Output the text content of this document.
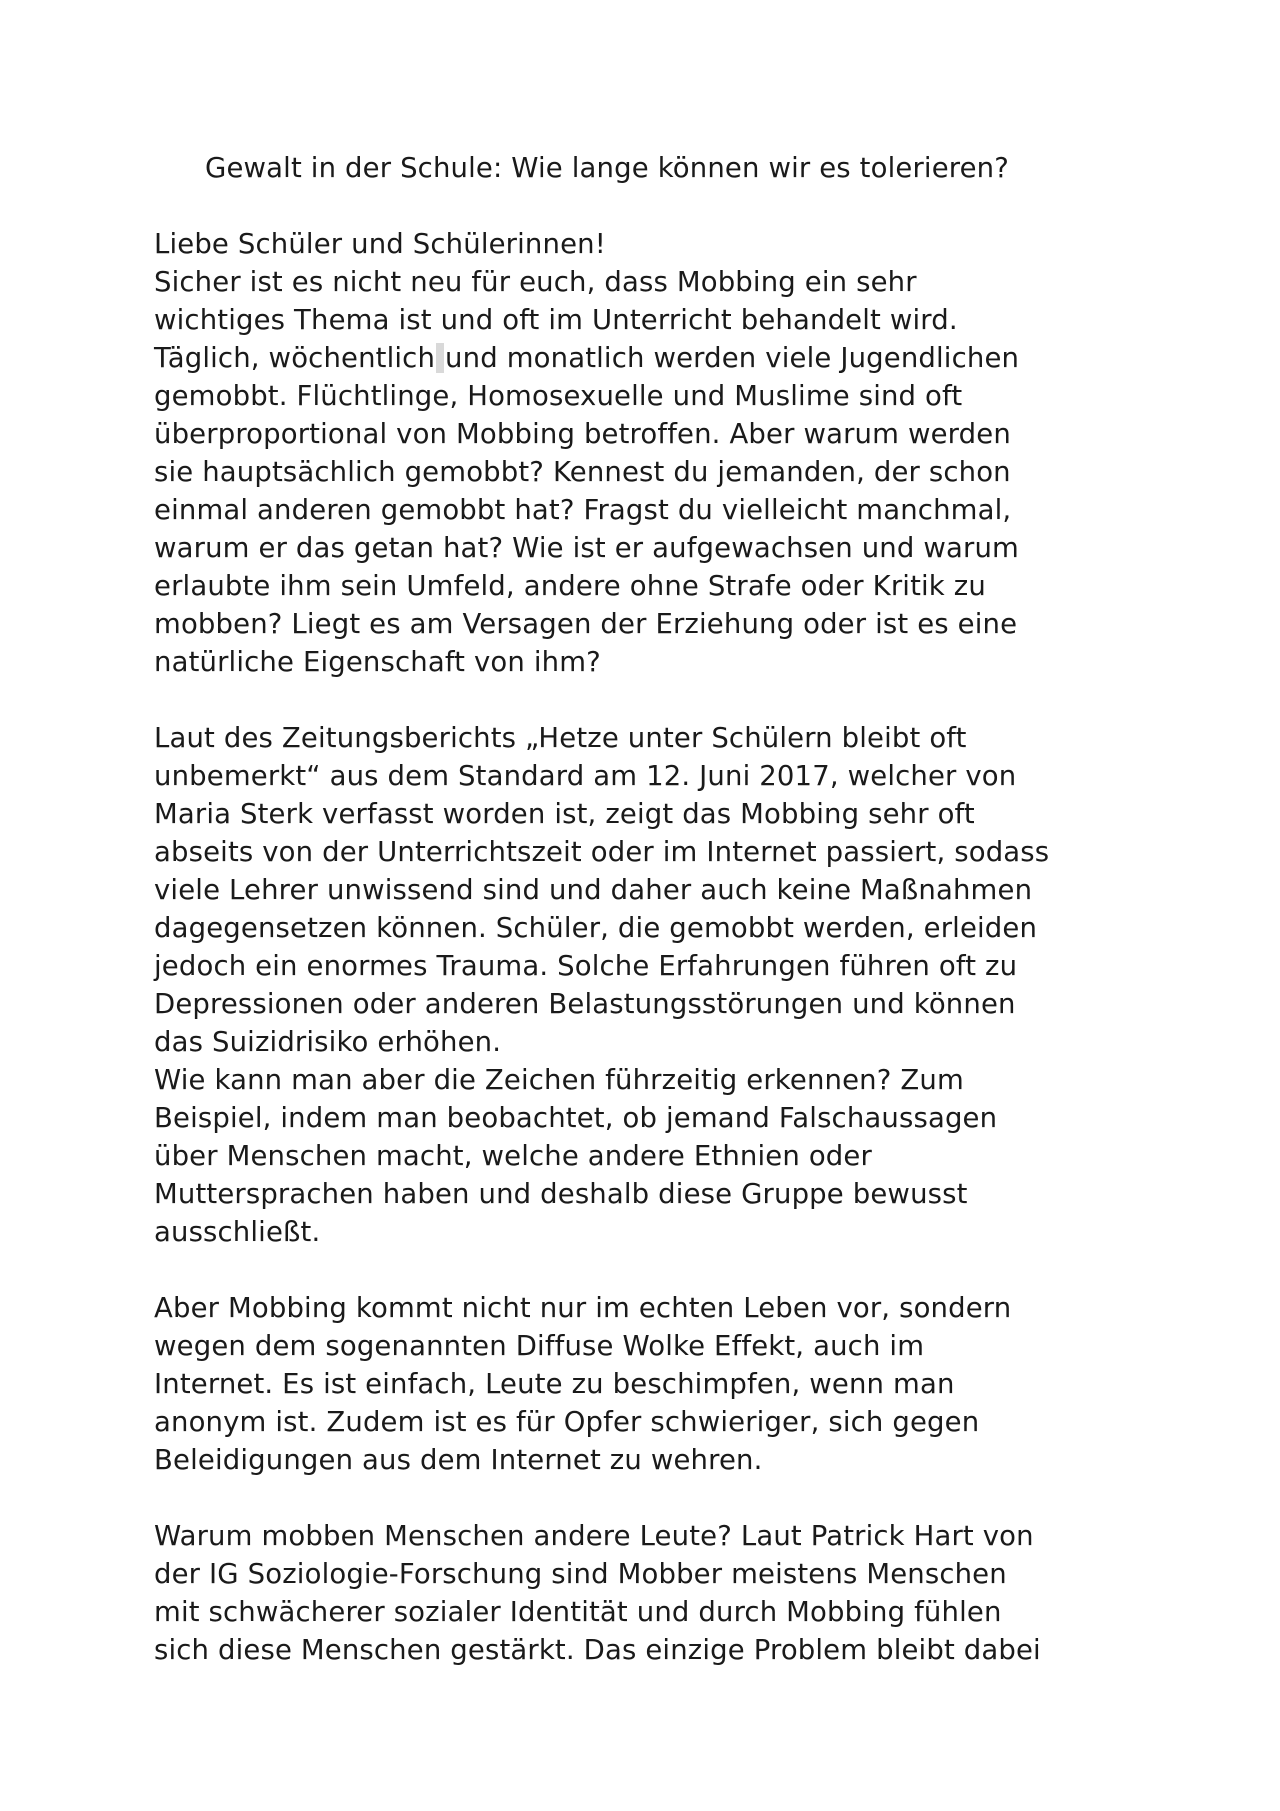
Gewalt in der Schule: Wie lange können wir es tolerieren?
Liebe Schüler und Schülerinnen!
Sicher ist es nicht neu für euch, dass Mobbing ein sehr
wichtiges Thema ist und oft im Unterricht behandelt wird.
Täglich, wöchentlich und monatlich werden viele Jugendlichen
gemobbt. Flüchtlinge, Homosexuelle und Muslime sind oft
überproportional von Mobbing betroffen. Aber warum werden
sie hauptsächlich gemobbt? Kennest du jemanden, der schon
einmal anderen gemobbt hat? Fragst du vielleicht manchmal,
warum er das getan hat? Wie ist er aufgewachsen und warum
erlaubte ihm sein Umfeld, andere ohne Strafe oder Kritik zu
mobben? Liegt es am Versagen der Erziehung oder ist es eine
natürliche Eigenschaft von ihm?
Laut des Zeitungsberichts „Hetze unter Schülern bleibt oft
unbemerkt“ aus dem Standard am 12. Juni 2017, welcher von
Maria Sterk verfasst worden ist, zeigt das Mobbing sehr oft
abseits von der Unterrichtszeit oder im Internet passiert, sodass
viele Lehrer unwissend sind und daher auch keine Maßnahmen
dagegensetzen können. Schüler, die gemobbt werden, erleiden
jedoch ein enormes Trauma. Solche Erfahrungen führen oft zu
Depressionen oder anderen Belastungsstörungen und können
das Suizidrisiko erhöhen.
Wie kann man aber die Zeichen führzeitig erkennen? Zum
Beispiel, indem man beobachtet, ob jemand Falschaussagen
über Menschen macht, welche andere Ethnien oder
Muttersprachen haben und deshalb diese Gruppe bewusst
ausschließt.
Aber Mobbing kommt nicht nur im echten Leben vor, sondern
wegen dem sogenannten Diffuse Wolke Effekt, auch im
Internet. Es ist einfach, Leute zu beschimpfen, wenn man
anonym ist. Zudem ist es für Opfer schwieriger, sich gegen
Beleidigungen aus dem Internet zu wehren.
Warum mobben Menschen andere Leute? Laut Patrick Hart von
der IG Soziologie-Forschung sind Mobber meistens Menschen
mit schwächerer sozialer Identität und durch Mobbing fühlen
sich diese Menschen gestärkt. Das einzige Problem bleibt dabei
